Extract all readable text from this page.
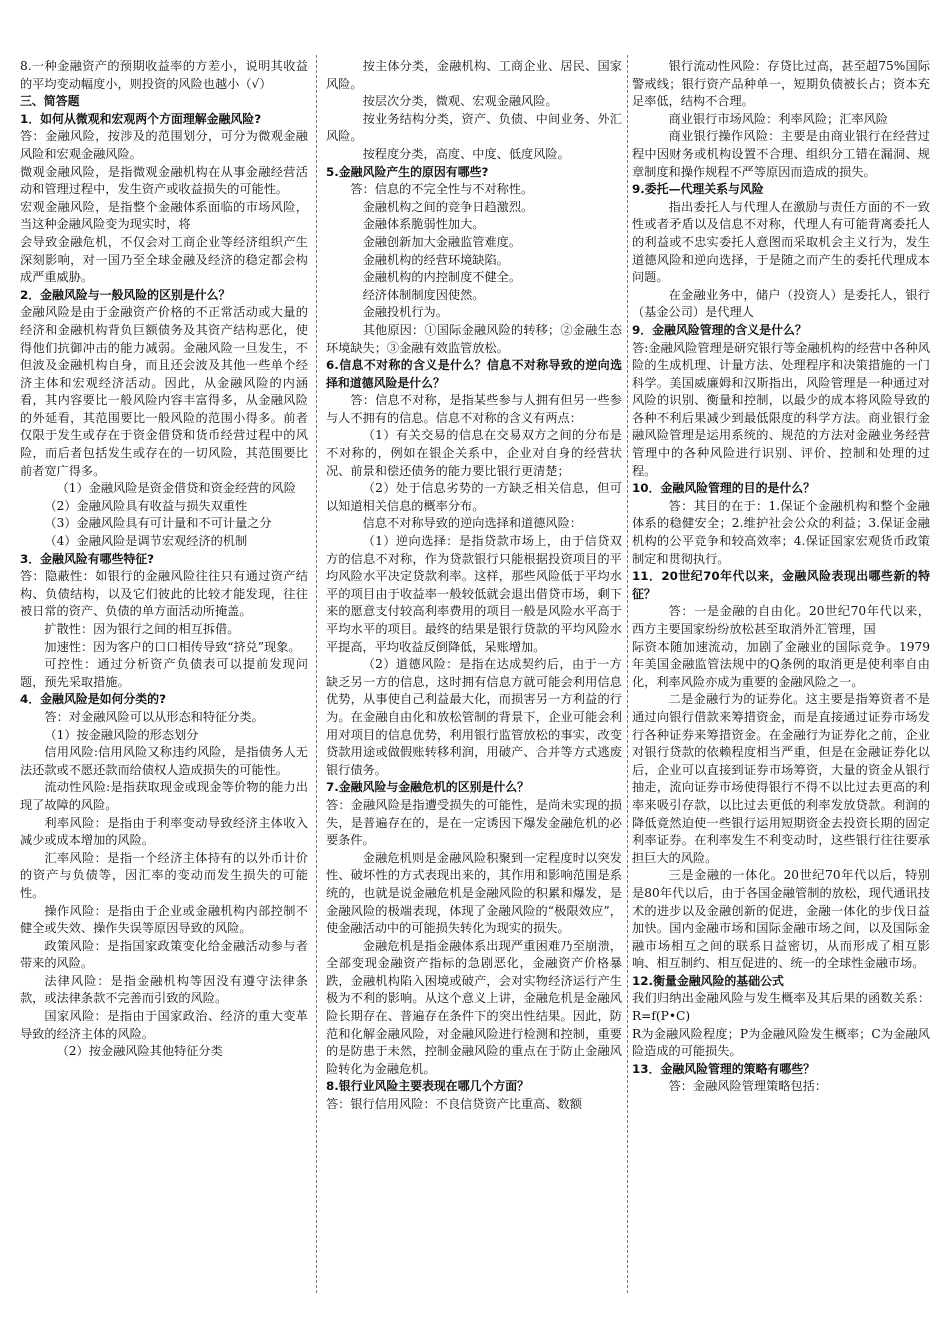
8.一种金融资产的预期收益率的方差小，说明其收益的平均变动幅度小，则投资的风险也越小（√）

三、简答题

1．如何从微观和宏观两个方面理解金融风险?

答：金融风险，按涉及的范围划分，可分为微观金融风险和宏观金融风险。

微观金融风险，是指微观金融机构在从事金融经营活动和管理过程中，发生资产或收益损失的可能性。

宏观金融风险，是指整个金融体系面临的市场风险，当这种金融风险变为现实时，将

会导致金融危机，不仅会对工商企业等经济组织产生深刻影响，对一国乃至全球金融及经济的稳定都会构成严重威胁。

2．金融风险与一般风险的区别是什么？

金融风险是由于金融资产价格的不正常活动或大量的经济和金融机构背负巨额债务及其资产结构恶化，使得他们抗御冲击的能力减弱。金融风险一旦发生，不但波及金融机构自身，而且还会波及其他一些单个经济主体和宏观经济活动。因此，从金融风险的内涵看，其内容要比一般风险内容丰富得多，从金融风险的外延看，其范围要比一般风险的范围小得多。前者仅限于发生或存在于资金借贷和货币经营过程中的风险，而后者包括发生或存在的一切风险，其范围要比前者宽广得多。

（1）金融风险是资金借贷和资金经营的风险

（2）金融风险具有收益与损失双重性

（3）金融风险具有可计量和不可计量之分

（4）金融风险是调节宏观经济的机制

3．金融风险有哪些特征?

答：隐蔽性：如银行的金融风险往往只有通过资产结构、负债结构，以及它们彼此的比较才能发现，往往被日常的资产、负债的单方面活动所掩盖。

扩散性：因为银行之间的相互拆借。

加速性：因为客户的口口相传导致“挤兑”现象。

可控性：通过分析资产负债表可以提前发现问题，预先采取措施。

4．金融风险是如何分类的?

答：对金融风险可以从形态和特征分类。

（1）按金融风险的形态划分

信用风险:信用风险又称违约风险，是指债务人无法还款或不愿还款而给债权人造成损失的可能性。

流动性风险:是指获取现金或现金等价物的能力出现了故障的风险。

利率风险：是指由于利率变动导致经济主体收入减少或成本增加的风险。

汇率风险：是指一个经济主体持有的以外币计价的资产与负债等，因汇率的变动而发生损失的可能性。

操作风险：是指由于企业或金融机构内部控制不健全或失效、操作失误等原因导致的风险。

政策风险：是指国家政策变化给金融活动参与者带来的风险。

法律风险：是指金融机构等因没有遵守法律条款，或法律条款不完善而引致的风险。

国家风险：是指由于国家政治、经济的重大变革导致的经济主体的风险。

（2）按金融风险其他特征分类

按主体分类，金融机构、工商企业、居民、国家风险。

按层次分类，微观、宏观金融风险。

按业务结构分类，资产、负债、中间业务、外汇风险。

按程度分类，高度、中度、低度风险。

5.金融风险产生的原因有哪些?

答：信息的不完全性与不对称性。

金融机构之间的竞争日趋激烈。

金融体系脆弱性加大。

金融创新加大金融监管难度。

金融机构的经营环境缺陷。

金融机构的内控制度不健全。

经济体制制度因使然。

金融投机行为。

其他原因：①国际金融风险的转移；②金融生态环境缺失；③金融有效监管放松。

6.信息不对称的含义是什么？信息不对称导致的逆向选择和道德风险是什么？

答：信息不对称，是指某些参与人拥有但另一些参与人不拥有的信息。信息不对称的含义有两点：

（1）有关交易的信息在交易双方之间的分布是不对称的，例如在银企关系中，企业对自身的经营状况、前景和偿还债务的能力要比银行更清楚；

（2）处于信息劣势的一方缺乏相关信息，但可以知道相关信息的概率分布。

信息不对称导致的逆向选择和道德风险：

（1）逆向选择：是指贷款市场上，由于信贷双方的信息不对称，作为贷款银行只能根据投资项目的平均风险水平决定贷款利率。这样，那些风险低于平均水平的项目由于收益率一般较低就会退出借贷市场，剩下来的愿意支付较高利率费用的项目一般是风险水平高于平均水平的项目。最终的结果是银行贷款的平均风险水平提高，平均收益反倒降低，呆账增加。

（2）道德风险：是指在达成契约后，由于一方缺乏另一方的信息，这时拥有信息方就可能会利用信息优势，从事使自己利益最大化，而损害另一方利益的行为。在金融自由化和放松管制的背景下，企业可能会利用对项目的信息优势，利用银行监管放松的事实，改变贷款用途或做假账转移利润，用破产、合并等方式逃废银行债务。

7.金融风险与金融危机的区别是什么？

答：金融风险是指遭受损失的可能性，是尚未实现的损失，是普遍存在的，是在一定诱因下爆发金融危机的必要条件。

金融危机则是金融风险积聚到一定程度时以突发性、破坏性的方式表现出来的，其作用和影响范围是系统的，也就是说金融危机是金融风险的积累和爆发，是金融风险的极端表现，体现了金融风险的“极限效应”，使金融活动中的可能损失转化为现实的损失。

金融危机是指金融体系出现严重困难乃至崩溃，全部变现金融资产指标的急剧恶化，金融资产价格暴跌，金融机构陷入困境或破产，会对实物经济运行产生极为不利的影响。从这个意义上讲，金融危机是金融风险长期存在、普遍存在条件下的突出性结果。因此，防范和化解金融风险，对金融风险进行检测和控制，重要的是防患于未然，控制金融风险的重点在于防止金融风险转化为金融危机。

8.银行业风险主要表现在哪几个方面？

答：银行信用风险：不良信贷资产比重高、数额

银行流动性风险：存贷比过高，甚至超75%国际警戒线；银行资产品种单一，短期负债被长占；资本充足率低，结构不合理。

商业银行市场风险：利率风险；汇率风险

商业银行操作风险：主要是由商业银行在经营过程中因财务或机构设置不合理、组织分工错在漏洞、规章制度和操作规程不严等原因而造成的损失。

9.委托—代理关系与风险

指出委托人与代理人在激励与责任方面的不一致性或者矛盾以及信息不对称，代理人有可能背离委托人的利益或不忠实委托人意图而采取机会主义行为，发生道德风险和逆向选择，于是随之而产生的委托代理成本问题。

在金融业务中，储户（投资人）是委托人，银行（基金公司）是代理人

9．金融风险管理的含义是什么？

答:金融风险管理是研究银行等金融机构的经营中各种风险的生成机理、计量方法、处理程序和决策措施的一门科学。美国威廉姆和汉斯指出，风险管理是一种通过对风险的识别、衡量和控制，以最少的成本将风险导致的各种不利后果减少到最低限度的科学方法。商业银行金融风险管理是运用系统的、规范的方法对金融业务经营管理中的各种风险进行识别、评价、控制和处理的过程。

10．金融风险管理的目的是什么？

答：其目的在于：1.保证个金融机构和整个金融体系的稳健安全；2.维护社会公众的利益；3.保证金融机构的公平竞争和较高效率；4.保证国家宏观货币政策制定和贯彻执行。

11．20世纪70年代以来，金融风险表现出哪些新的特征？

答：一是金融的自由化。20世纪70年代以来，西方主要国家纷纷放松甚至取消外汇管理，国

际资本随加速流动，加剧了金融业的国际竞争。1979年美国金融监管法规中的Q条例的取消更是使利率自由化，利率风险亦成为重要的金融风险之一。

二是金融行为的证券化。这主要是指筹资者不是通过向银行借款来筹措资金，而是直接通过证券市场发行各种证券来筹措资金。在金融行为证券化之前，企业对银行贷款的依赖程度相当严重，但是在金融证券化以后，企业可以直接到证券市场筹资，大量的资金从银行抽走，流向证券市场使得银行不得不以比过去更高的利率来吸引存款，以比过去更低的利率发放贷款。利润的降低竟然迫使一些银行运用短期资金去投资长期的固定利率证券。在利率发生不利变动时，这些银行往往要承担巨大的风险。

三是金融的一体化。20世纪70年代以后，特别是80年代以后，由于各国金融管制的放松，现代通讯技术的进步以及金融创新的促进，金融一体化的步伐日益加快。国内金融市场和国际金融市场之间，以及国际金融市场相互之间的联系日益密切，从而形成了相互影响、相互制约、相互促进的、统一的全球性金融市场。

12.衡量金融风险的基础公式

我们归纳出金融风险与发生概率及其后果的函数关系：R=f(P•C)

R为金融风险程度；P为金融风险发生概率；C为金融风险造成的可能损失。

13．金融风险管理的策略有哪些？

答：金融风险管理策略包括：
